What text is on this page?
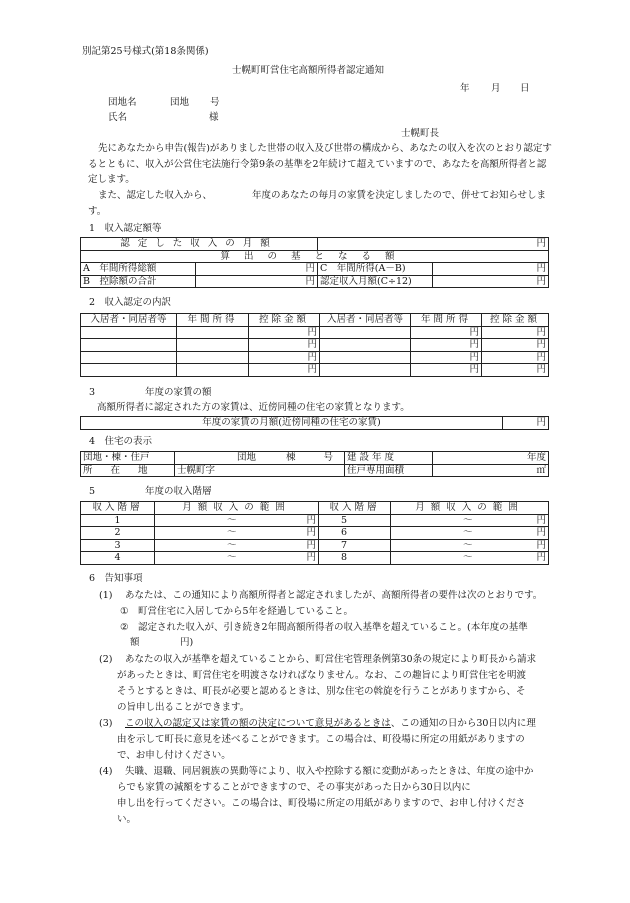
別記第25号様式(第18条関係)
士幌町町営住宅高額所得者認定通知
年 月 日
団地名	団地 号
氏名	様
士幌町長
先にあなたから申告(報告)がありました世帯の収入及び世帯の構成から、あなたの収入を次のとおり認定するとともに、収入が公営住宅法施行令第9条の基準を2年続けて超えていますので、あなたを高額所得者と認定します。
また、認定した収入から、	年度のあなたの毎月の家賃を決定しましたので、併せてお知らせします。
1　収入認定額等
認定した収入の月額		円	
算出の基となる額			
A　年間所得総額	円	C　年間所得(A－B)	円
B　控除額の合計	円	認定収入月額(C÷12)	円
2　収入認定の内訳
入居者・同居者等	年間所得	控除金額	入居者・同居者等	年間所得	控除金額
		円		円	円
		円		円	円
		円		円	円
		円		円	円
3	年度の家賃の額
高額所得者に認定された方の家賃は、近傍同種の住宅の家賃となります。
年度の家賃の月額(近傍同種の住宅の家賃)	円
4　住宅の表示
団地・棟・住戸	団地 棟 号	建設年度	年度
所在地	士幌町字	住戸専用面積	㎡
5	年度の収入階層
収入階層	月額収入の範囲	収入階層	月額収入の範囲
1	～ 円	5	～ 円

2	～ 円	6	～ 円

3	～ 円	7	～ 円

4	～ 円	8	～ 円
6　告知事項
(1) あなたは、この通知により高額所得者と認定されましたが、高額所得者の要件は次のとおりです。
① 町営住宅に入居してから5年を経過していること。
② 認定された収入が、引き続き2年間高額所得者の収入基準を超えていること。(本年度の基準
額	円)
(2) あなたの収入が基準を超えていることから、町営住宅管理条例第30条の規定により町長から請求
があったときは、町営住宅を明渡さなければなりません。なお、この趣旨により町営住宅を明渡
そうとするときは、町長が必要と認めるときは、別な住宅の斡旋を行うことがありますから、そ
の旨申し出ることができます。
(3) この収入の認定又は家賃の額の決定について意見があるときは、この通知の日から30日以内に理
由を示して町長に意見を述べることができます。この場合は、町役場に所定の用紙がありますの
で、お申し付けください。
(4) 失職、退職、同居親族の異動等により、収入や控除する額に変動があったときは、年度の途中か
らでも家賃の減額をすることができますので、その事実があった日から30日以内に
申し出を行ってください。この場合は、町役場に所定の用紙がありますので、お申し付けくださ
い。
